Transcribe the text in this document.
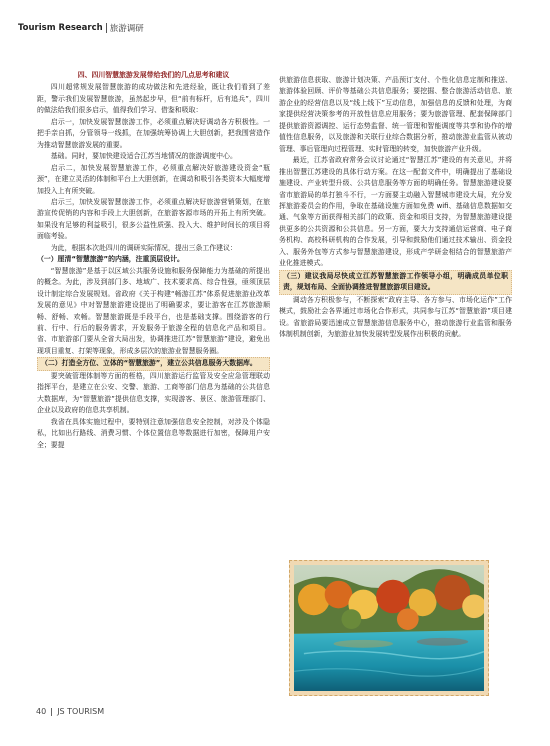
Tourism Research 旅游调研

四、四川智慧旅游发展带给我们的几点思考和建议

四川超常规发展智慧旅游的成功做法和先进经验，既让我们看到了差距，警示我们发展智慧旅游，虽然起步早，但“前有标杆，后有追兵”，四川的做法给我们很多启示，值得我们学习、借鉴和吸取：

启示一，加快发展智慧旅游工作，必须重点解决好调动各方积极性。一把手亲自抓，分管领导一线抓，在加强统筹协调上大胆创新，把我围营造作为推动智慧旅游发展的重要。

基础。同时，要加快建设适合江苏当地情况的旅游调度中心。

启示二，加快发展智慧旅游工作，必须重点解决好旅游建设资金“瓶颈”，在建立灵活的体制和平台上大胆创新，在调动和吸引各类资本大幅度增加投入上有所突破。

启示三，加快发展智慧旅游工作，必须重点解决好旅游营销策划，在旅游宣传促销的内容和手段上大胆创新，在旅游客源市场的开拓上有所突破。如果没有足够的利益吸引，很多公益性质强、投入大、维护时间长的项目将面临考验。

为此，根据本次赴四川的调研实际情况，提出三条工作建议：

（一）厘清“智慧旅游”的内涵，注重顶层设计。

“智慧旅游”是基于以区域公共服务设施和服务保障能力为基础的所提出的概念。为此，涉及到部门多、地域广、技术要求高、综合性强，亟须顶层设计制定综合发展规划。省政府《关于构建“畅游江苏”体系促进旅游业改革发展的意见》中对智慧旅游建设提出了明确要求，要让游客在江苏旅游顺畅、舒畅、欢畅。智慧旅游既是手段平台，也是基础支撑。围绕游客的行前、行中、行后的服务需求，开发服务于旅游全程的信息化产品和项目。省、市旅游部门要从全省大局出发，协调推进江苏“智慧旅游”建设，避免出现项目重复、打架等现象，形成多层次的旅游业智慧服务圈。

（二）打造全方位、立体的“智慧旅游”，建立公共信息服务大数据库。

要突破管理体制等方面的桎梏，四川旅游运行监管及安全应急管理联动指挥平台，是建立在公安、交警、旅游、工商等部门信息为基础的公共信息大数据库，为“智慧旅游”提供信息支撑，实现游客、景区、旅游管理部门、企业以及政府的信息共享机制。

我省在具体实施过程中，要特别注意加强信息安全控制，对涉及个体隐私，比如出行路线、消费习惯、个体位置信息等数据进行加密，保障用户安全；要提

供旅游信息获取、旅游计划决策、产品预订支付、个性化信息定制和推送、旅游体验回顾、评价等基础公共信息服务；要挖掘、整合旅游活动信息、旅游企业的经营信息以及“线上线下”互动信息，加强信息的反馈和处理，为商家提供经营决策参考的开放性信息应用服务；要为旅游管理、配套保障部门提供旅游资源调控、运行态势监督、统一管理和智能调度等共享和协作的增值性信息服务，以及旅游和关联行业综合数据分析，推动旅游业监管从被动管理、事后管理向过程管理、实时管理的转变，加快旅游产业升级。

最近，江苏省政府常务会议讨论通过“智慧江苏”建设的有关意见，并将推出智慧江苏建设的具体行动方案。在这一配套文件中，明确提出了基础设施建设、产业转型升级、公共信息服务等方面的明确任务。智慧旅游建设要省市旅游局的单打独斗不行，一方面要主动融入智慧城市建设大局，充分发挥旅游委员会的作用，争取在基础设施方面如免费 wifi、基础信息数据如交通、气象等方面获得相关部门的政策、资金和项目支持，为智慧旅游建设提供更多的公共资源和公共信息。另一方面，要大力支持通信运营商、电子商务机构、高校科研机构的合作发展，引导和鼓励他们通过技术输出、资金投入、服务外包等方式参与智慧旅游建设，形成产学研金相结合的智慧旅游产业化推进模式。

（三）建议我局尽快成立江苏智慧旅游工作领导小组，明确成员单位职责，规划布局、全面协调推进智慧旅游项目建设。

调动各方积极参与，不断探索“政府主导、各方参与、市场化运作”工作模式，鼓励社会各界通过市场化合作形式，共同参与江苏“智慧旅游”项目建设。省旅游局要迅速成立智慧旅游信息服务中心，推动旅游行业监管和服务体制机制创新，为旅游业加快发展转型发展作出积极的贡献。

40 JS TOURISM
